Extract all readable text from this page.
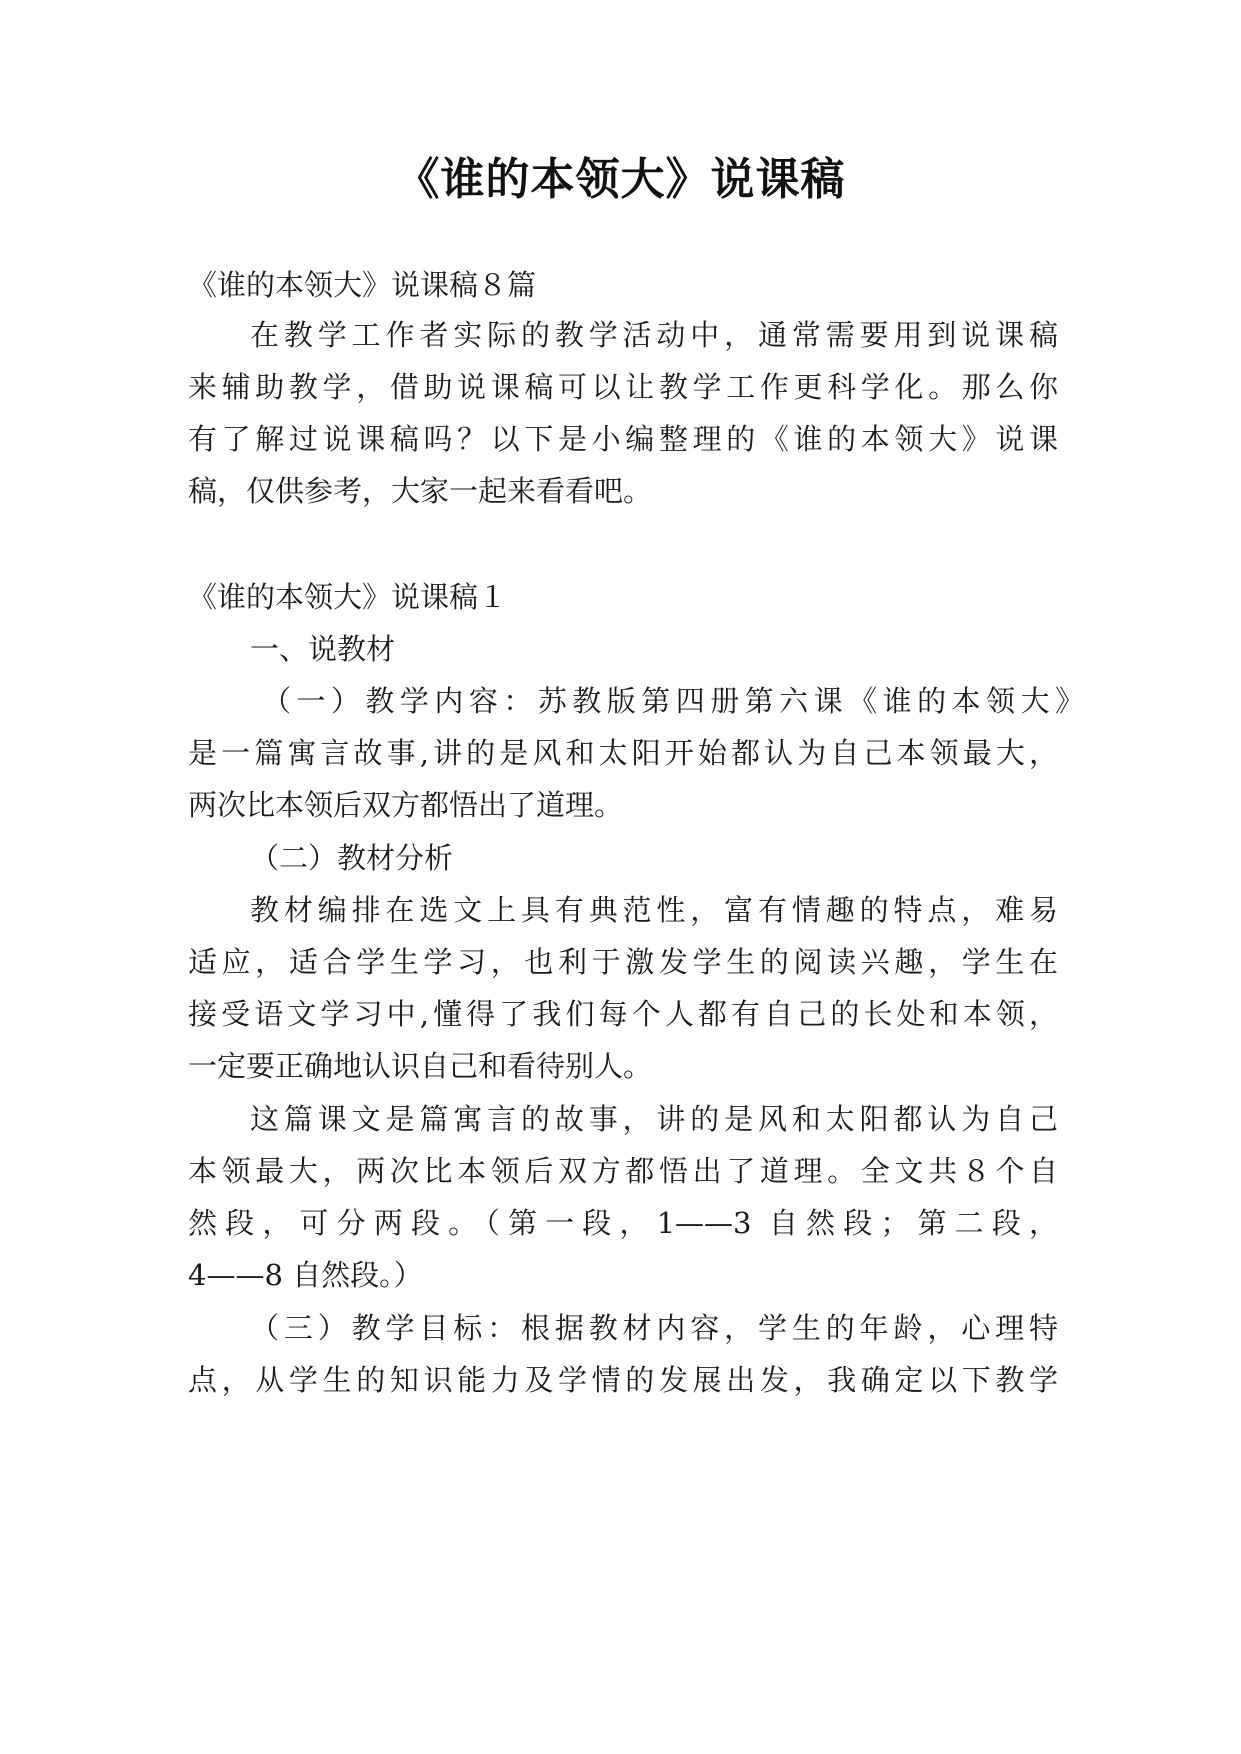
《谁的本领大》说课稿
《谁的本领大》说课稿８篇
在教学工作者实际的教学活动中，通常需要用到说课稿
来辅助教学，借助说课稿可以让教学工作更科学化。那么你
有了解过说课稿吗？以下是小编整理的《谁的本领大》说课
稿，仅供参考，大家一起来看看吧。
《谁的本领大》说课稿１
一、说教材
（一）教学内容：苏教版第四册第六课《谁的本领大》
是一篇寓言故事,讲的是风和太阳开始都认为自己本领最大，
两次比本领后双方都悟出了道理。
（二）教材分析
教材编排在选文上具有典范性，富有情趣的特点，难易
适应，适合学生学习，也利于激发学生的阅读兴趣，学生在
接受语文学习中,懂得了我们每个人都有自己的长处和本领，
一定要正确地认识自己和看待别人。
这篇课文是篇寓言的故事，讲的是风和太阳都认为自己
本领最大，两次比本领后双方都悟出了道理。全文共８个自
然段，可分两段。（第一段，1——3 自然段；第二段，
4——8 自然段。）
（三）教学目标：根据教材内容，学生的年龄，心理特
点，从学生的知识能力及学情的发展出发，我确定以下教学
